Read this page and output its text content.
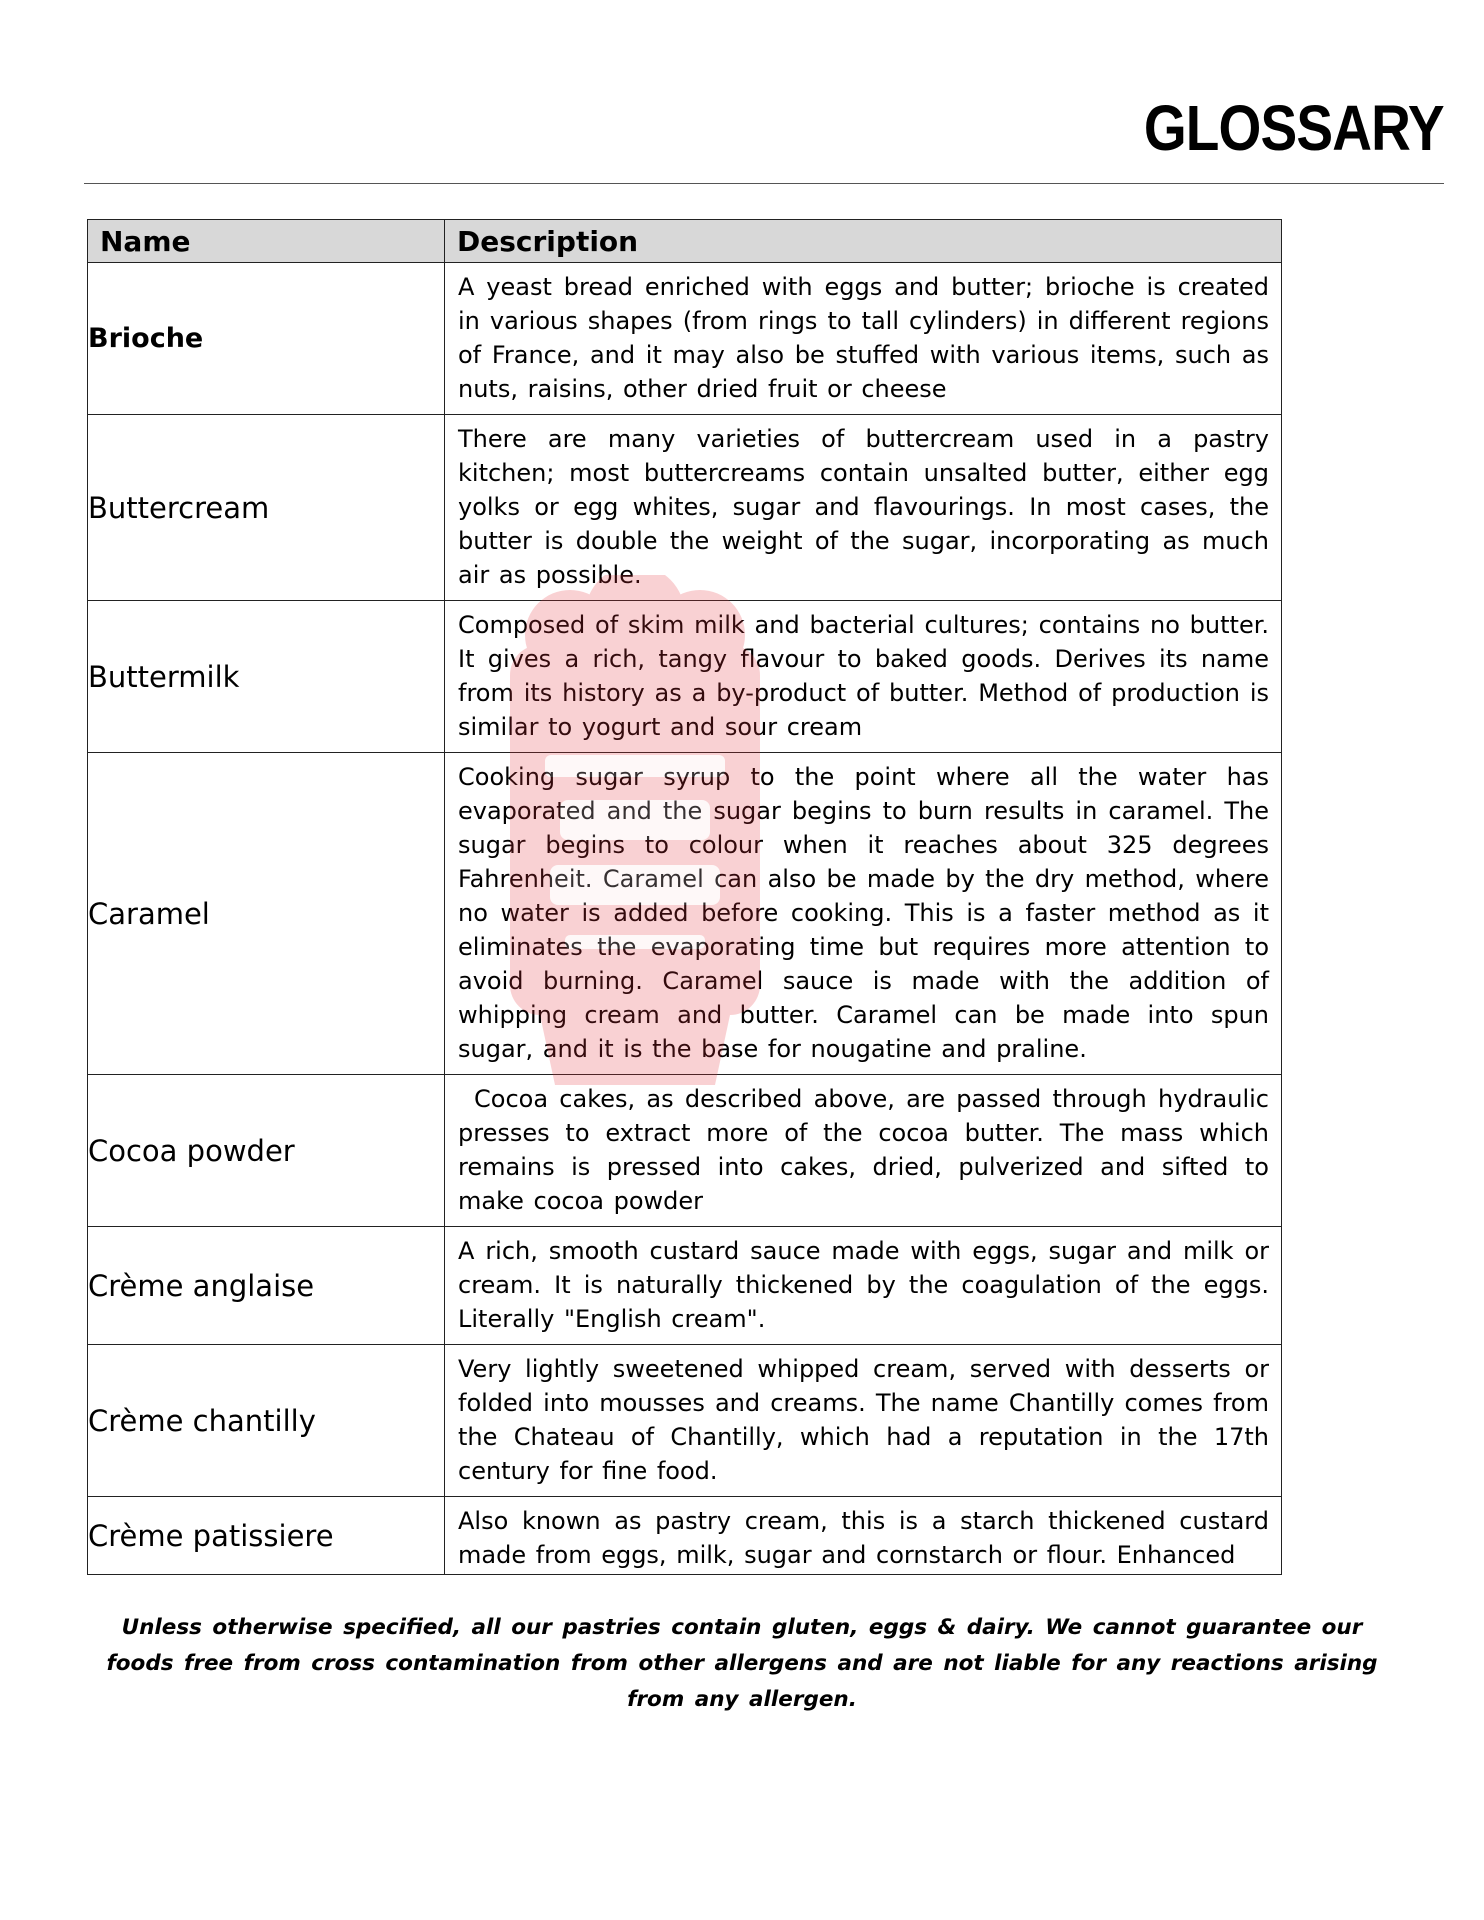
GLOSSARY
Name	Description
Brioche	A yeast bread enriched with eggs and butter; brioche is created in various shapes (from rings to tall cylinders) in different regions of France, and it may also be stuffed with various items, such as nuts, raisins, other dried fruit or cheese

Buttercream	There are many varieties of buttercream used in a pastry kitchen; most buttercreams contain unsalted butter, either egg yolks or egg whites, sugar and flavourings. In most cases, the butter is double the weight of the sugar, incorporating as much air as possible.

Buttermilk	Composed of skim milk and bacterial cultures; contains no butter. It gives a rich, tangy flavour to baked goods. Derives its name from its history as a by-product of butter. Method of production is similar to yogurt and sour cream

Caramel	Cooking sugar syrup to the point where all the water has evaporated and the sugar begins to burn results in caramel. The sugar begins to colour when it reaches about 325 degrees Fahrenheit. Caramel can also be made by the dry method, where no water is added before cooking. This is a faster method as it eliminates the evaporating time but requires more attention to avoid burning. Caramel sauce is made with the addition of whipping cream and butter. Caramel can be made into spun sugar, and it is the base for nougatine and praline.

Cocoa powder	Cocoa cakes, as described above, are passed through hydraulic presses to extract more of the cocoa butter. The mass which remains is pressed into cakes, dried, pulverized and sifted to make cocoa powder

Crème anglaise	A rich, smooth custard sauce made with eggs, sugar and milk or cream. It is naturally thickened by the coagulation of the eggs. Literally "English cream".

Crème chantilly	Very lightly sweetened whipped cream, served with desserts or folded into mousses and creams. The name Chantilly comes from the Chateau of Chantilly, which had a reputation in the 17th century for fine food.

Crème patissiere	Also known as pastry cream, this is a starch thickened custard made from eggs, milk, sugar and cornstarch or flour. Enhanced

Unless otherwise specified, all our pastries contain gluten, eggs & dairy. We cannot guarantee our foods free from cross contamination from other allergens and are not liable for any reactions arising from any allergen.
